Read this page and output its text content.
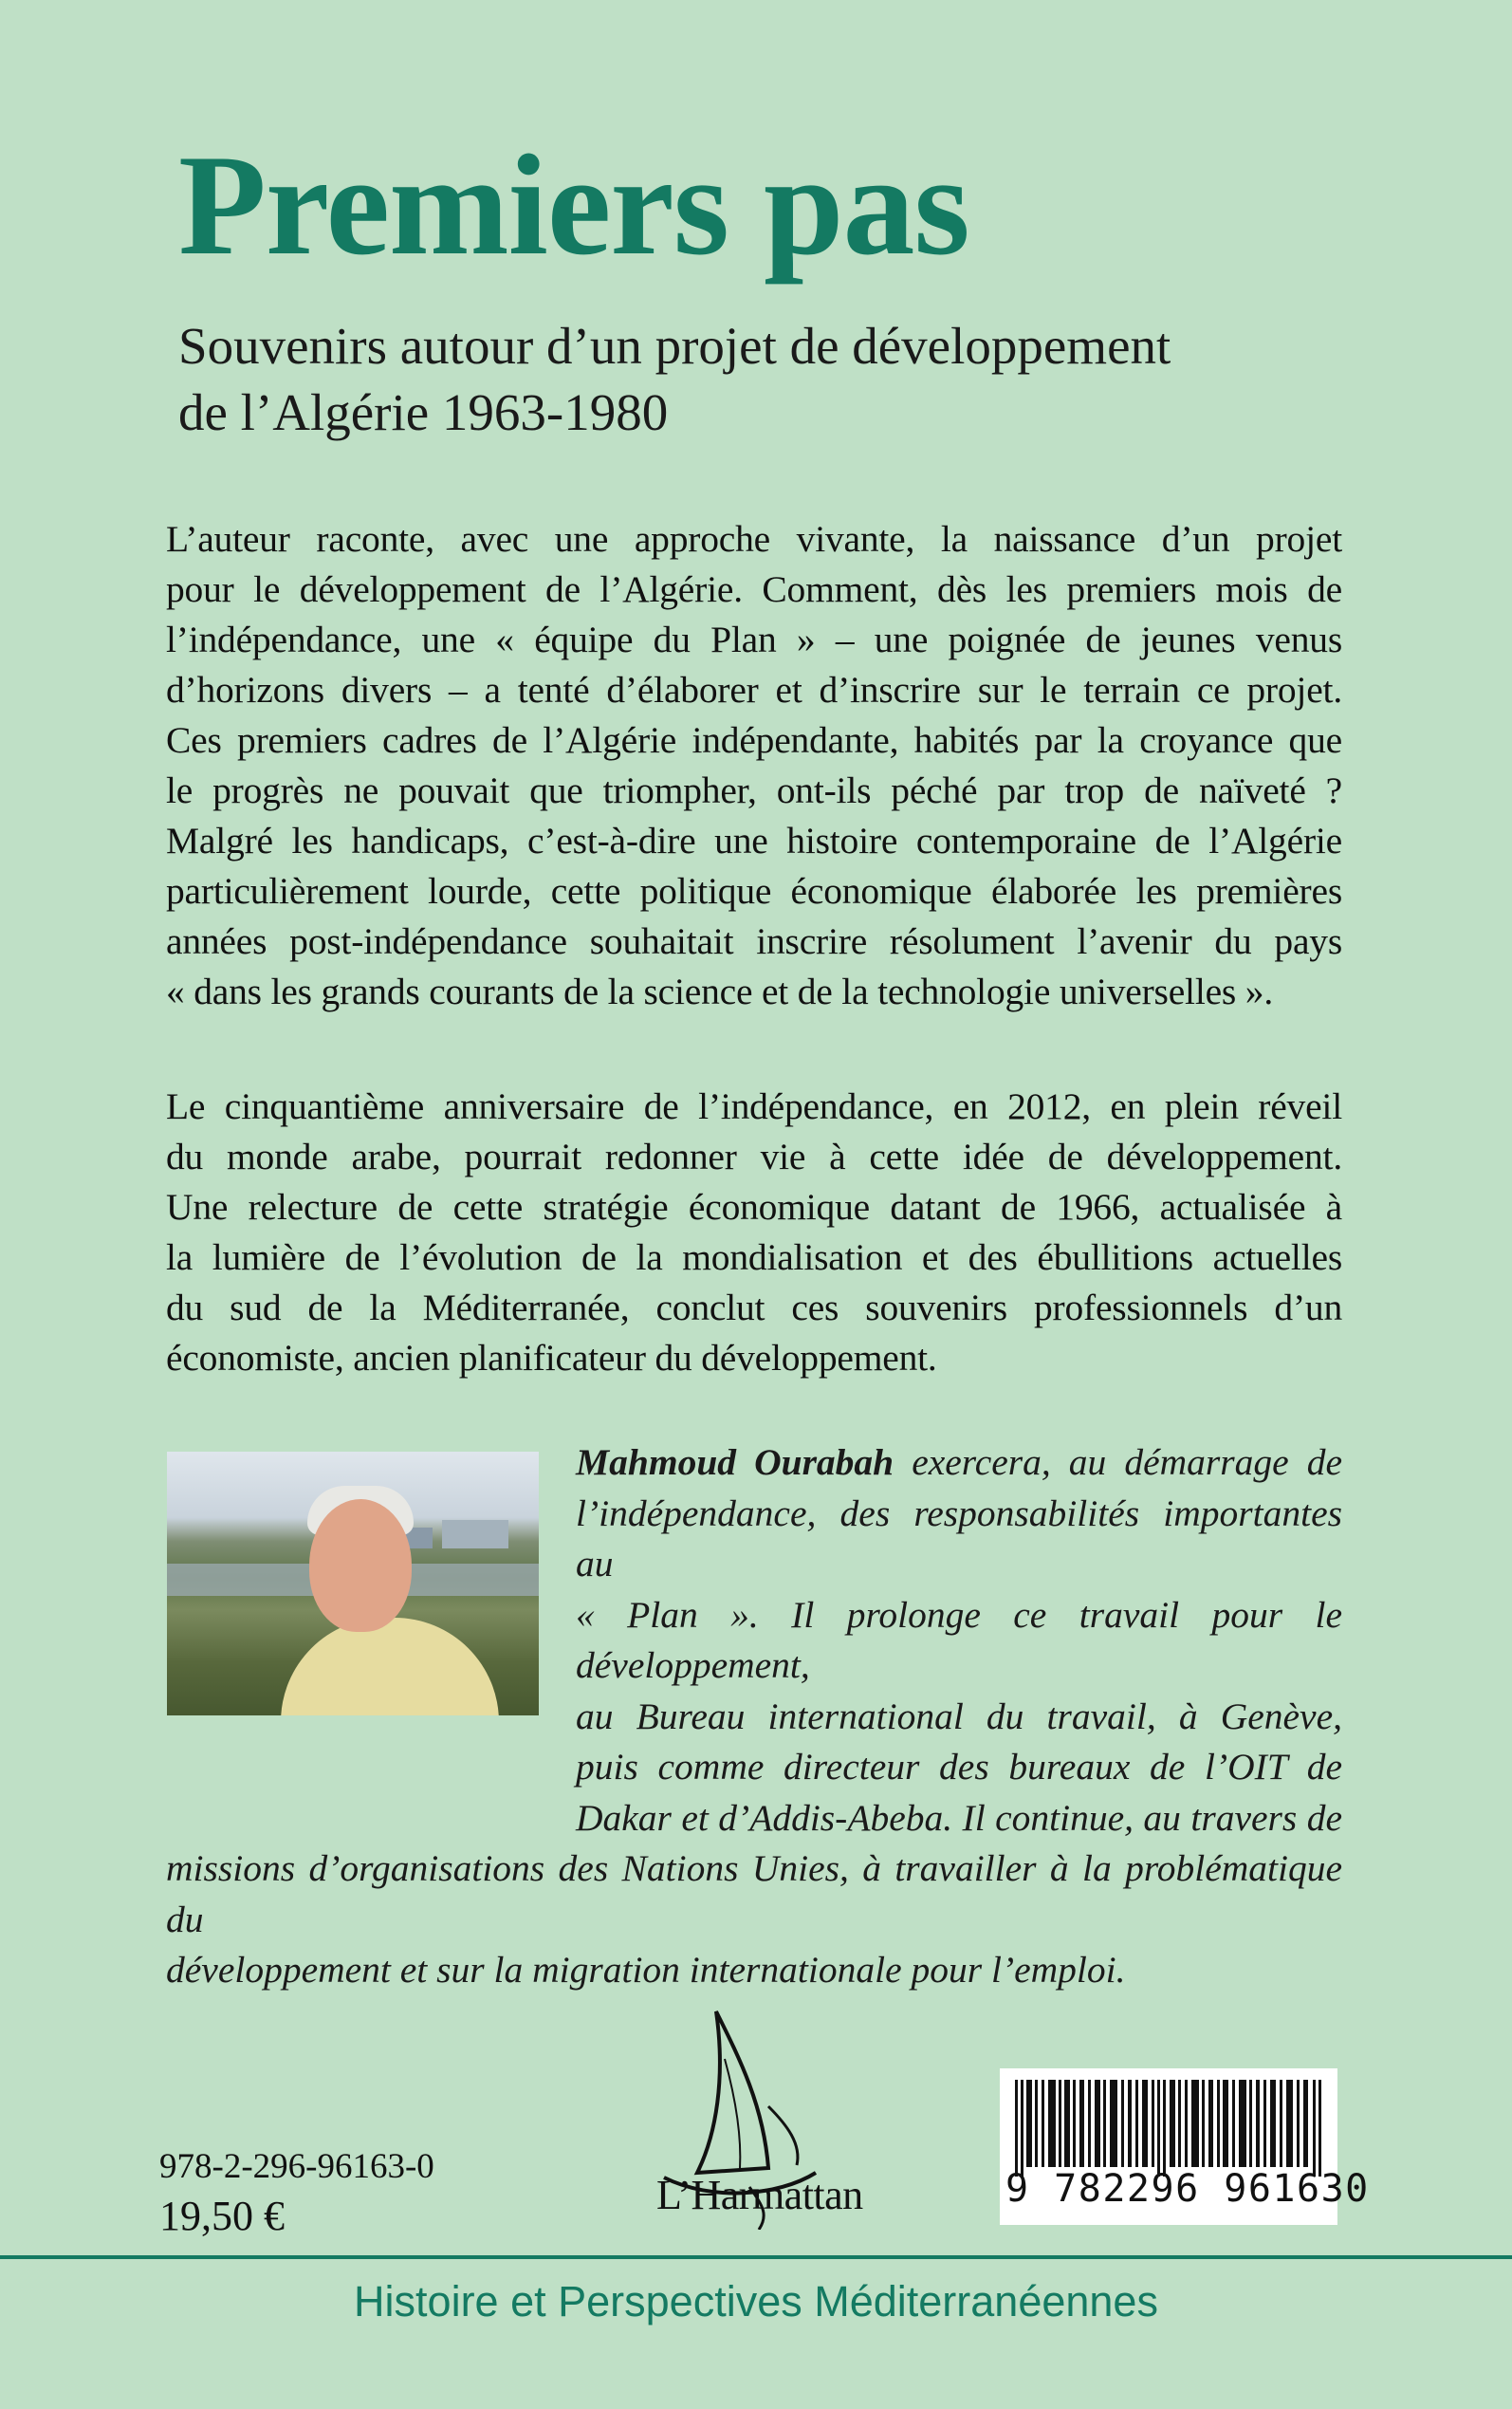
Premiers pas
Souvenirs autour d’un projet de développement
de l’Algérie 1963-1980
L’auteur raconte, avec une approche vivante, la naissance d’un projet
pour le développement de l’Algérie. Comment, dès les premiers mois de
l’indépendance, une « équipe du Plan » – une poignée de jeunes venus
d’horizons divers – a tenté d’élaborer et d’inscrire sur le terrain ce projet.
Ces premiers cadres de l’Algérie indépendante, habités par la croyance que
le progrès ne pouvait que triompher, ont-ils péché par trop de naïveté ?
Malgré les handicaps, c’est-à-dire une histoire contemporaine de l’Algérie
particulièrement lourde, cette politique économique élaborée les premières
années post-indépendance souhaitait inscrire résolument l’avenir du pays
« dans les grands courants de la science et de la technologie universelles ».
Le cinquantième anniversaire de l’indépendance, en 2012, en plein réveil
du monde arabe, pourrait redonner vie à cette idée de développement.
Une relecture de cette stratégie économique datant de 1966, actualisée à
la lumière de l’évolution de la mondialisation et des ébullitions actuelles
du sud de la Méditerranée, conclut ces souvenirs professionnels d’un
économiste, ancien planificateur du développement.
Mahmoud Ourabah exercera, au démarrage de
l’indépendance, des responsabilités importantes au
« Plan ». Il prolonge ce travail pour le développement,
au Bureau international du travail, à Genève,
puis comme directeur des bureaux de l’OIT de
Dakar et d’Addis-Abeba. Il continue, au travers de
missions d’organisations des Nations Unies, à travailler à la problématique du
développement et sur la migration internationale pour l’emploi.
978-2-296-96163-0
19,50 €	L’Harmattan	9 782296 961630
Histoire et Perspectives Méditerranéennes
